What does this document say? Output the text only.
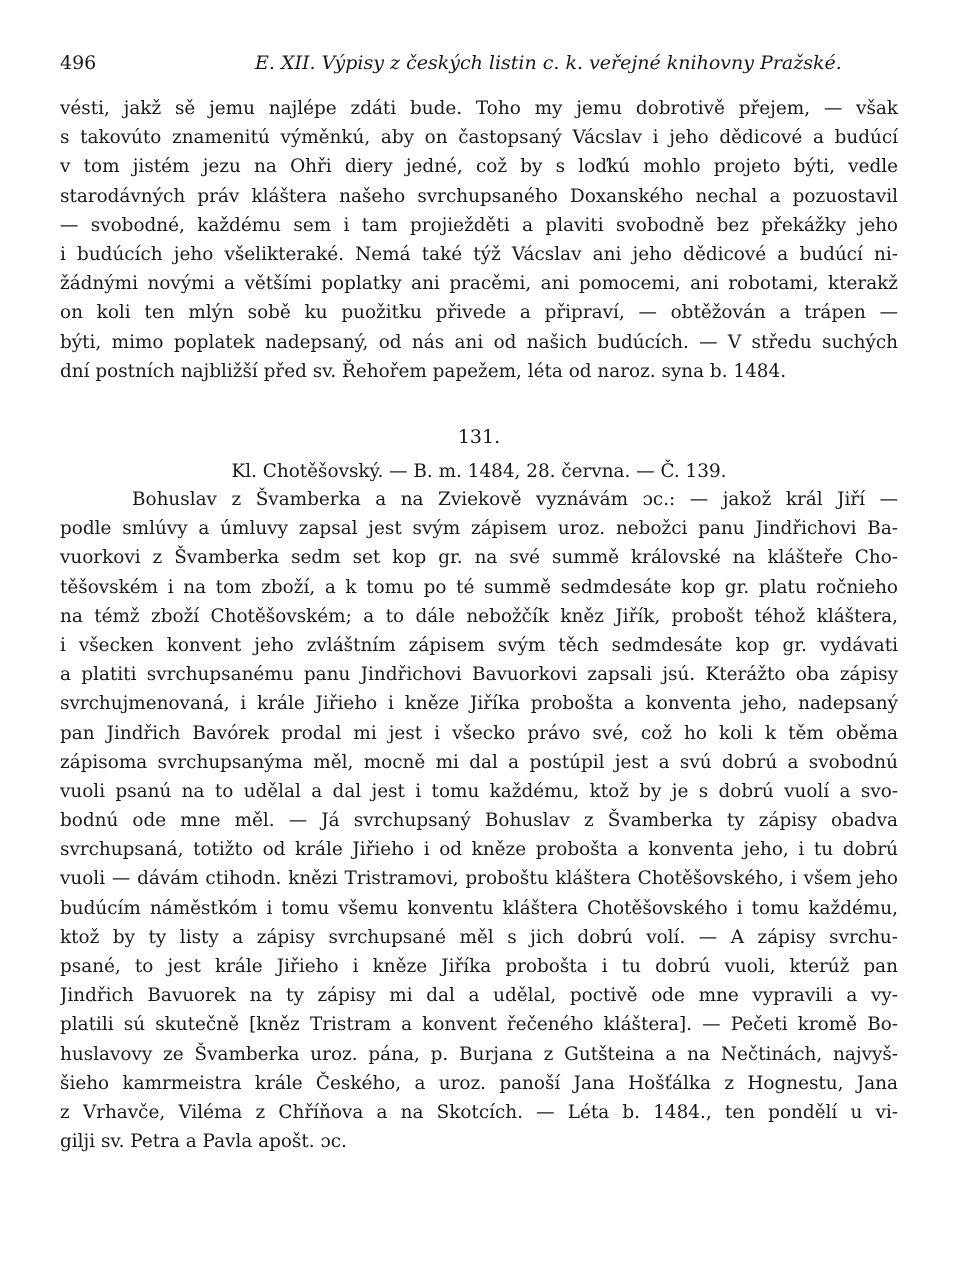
496	E. XII. Výpisy z českých listin c. k. veřejné knihovny Pražské.
vésti, jakž sě jemu najlépe zdáti bude. Toho my jemu dobrotivě přejem, — však
s takovúto znamenitú výměnkú, aby on častopsaný Vácslav i jeho dědicové a budúcí
v tom jistém jezu na Ohři diery jedné, což by s loďkú mohlo projeto býti, vedle
starodávných práv kláštera našeho svrchupsaného Doxanského nechal a pozuostavil
— svobodné, každému sem i tam projiežděti a plaviti svobodně bez překážky jeho
i budúcích jeho všelikteraké. Nemá také týž Vácslav ani jeho dědicové a budúcí ni-
žádnými novými a většími poplatky ani pracěmi, ani pomocemi, ani robotami, kterakž
on koli ten mlýn sobě ku puožitku přivede a připraví, — obtěžován a trápen —
býti, mimo poplatek nadepsaný, od nás ani od našich budúcích. — V středu suchých
dní postních najbližší před sv. Řehořem papežem, léta od naroz. syna b. 1484.
131.
Kl. Chotěšovský. — B. m. 1484, 28. června. — Č. 139.
Bohuslav z Švamberka a na Zviekově vyznávám ɔc.: — jakož král Jiří —
podle smlúvy a úmluvy zapsal jest svým zápisem uroz. nebožci panu Jindřichovi Ba-
vuorkovi z Švamberka sedm set kop gr. na své summě královské na klášteře Cho-
těšovském i na tom zboží, a k tomu po té summě sedmdesáte kop gr. platu ročnieho
na témž zboží Chotěšovském; a to dále nebožčík kněz Jiřík, probošt téhož kláštera,
i všecken konvent jeho zvláštním zápisem svým těch sedmdesáte kop gr. vydávati
a platiti svrchupsanému panu Jindřichovi Bavuorkovi zapsali jsú. Kterážto oba zápisy
svrchujmenovaná, i krále Jiřieho i kněze Jiříka probošta a konventa jeho, nadepsaný
pan Jindřich Bavórek prodal mi jest i všecko právo své, což ho koli k těm oběma
zápisoma svrchupsanýma měl, mocně mi dal a postúpil jest a svú dobrú a svobodnú
vuoli psanú na to udělal a dal jest i tomu každému, ktož by je s dobrú vuolí a svo-
bodnú ode mne měl. — Já svrchupsaný Bohuslav z Švamberka ty zápisy obadva
svrchupsaná, totižto od krále Jiřieho i od kněze probošta a konventa jeho, i tu dobrú
vuoli — dávám ctihodn. knězi Tristramovi, proboštu kláštera Chotěšovského, i všem jeho
budúcím náměstkóm i tomu všemu konventu kláštera Chotěšovského i tomu každému,
ktož by ty listy a zápisy svrchupsané měl s jich dobrú volí. — A zápisy svrchu-
psané, to jest krále Jiřieho i kněze Jiříka probošta i tu dobrú vuoli, kterúž pan
Jindřich Bavuorek na ty zápisy mi dal a udělal, poctivě ode mne vypravili a vy-
platili sú skutečně [kněz Tristram a konvent řečeného kláštera]. — Pečeti kromě Bo-
huslavovy ze Švamberka uroz. pána, p. Burjana z Gutšteina a na Nečtinách, najvyš-
šieho kamrmeistra krále Českého, a uroz. panoší Jana Hošťálka z Hognestu, Jana
z Vrhavče, Viléma z Chříňova a na Skotcích. — Léta b. 1484., ten pondělí u vi-
gilji sv. Petra a Pavla apošt. ɔc.
